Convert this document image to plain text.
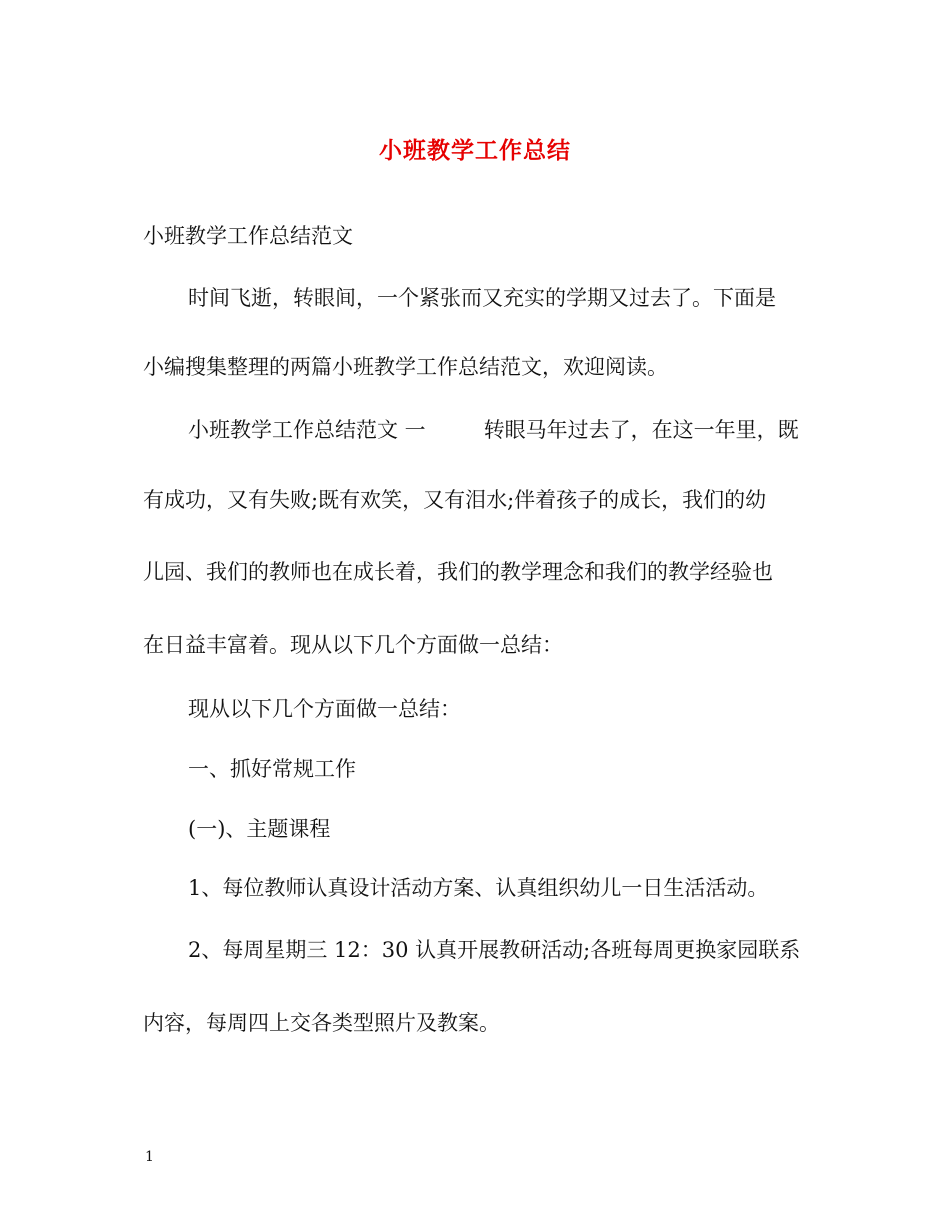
小班教学工作总结
小班教学工作总结范文
时间飞逝，转眼间，一个紧张而又充实的学期又过去了。下面是
小编搜集整理的两篇小班教学工作总结范文，欢迎阅读。
小班教学工作总结范文 一	转眼马年过去了，在这一年里，既
有成功，又有失败;既有欢笑，又有泪水;伴着孩子的成长，我们的幼
儿园、我们的教师也在成长着，我们的教学理念和我们的教学经验也
在日益丰富着。现从以下几个方面做一总结：
现从以下几个方面做一总结：
一、抓好常规工作
(一)、主题课程
1、每位教师认真设计活动方案、认真组织幼儿一日生活活动。
2、每周星期三 12：30 认真开展教研活动;各班每周更换家园联系
内容，每周四上交各类型照片及教案。
1
